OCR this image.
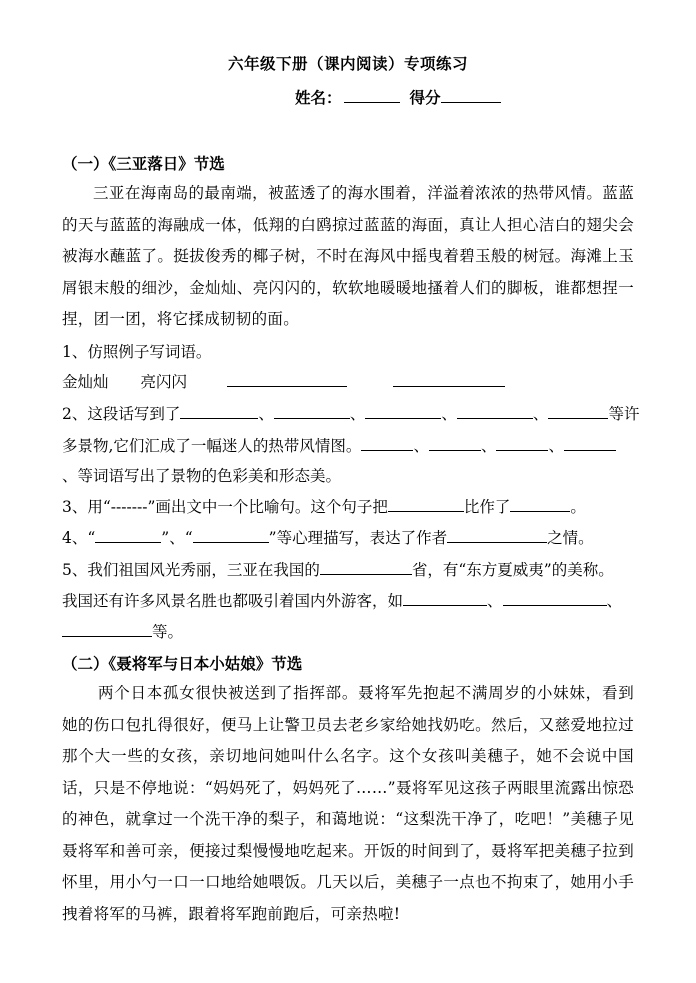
六年级下册（课内阅读）专项练习
姓名：	得分
（一）《三亚落日》节选
三亚在海南岛的最南端，被蓝透了的海水围着，洋溢着浓浓的热带风情。蓝蓝的天与蓝蓝的海融成一体，低翔的白鸥掠过蓝蓝的海面，真让人担心洁白的翅尖会被海水蘸蓝了。挺拔俊秀的椰子树，不时在海风中摇曳着碧玉般的树冠。海滩上玉屑银末般的细沙，金灿灿、亮闪闪的，软软地暖暖地搔着人们的脚板，谁都想捏一捏，团一团，将它揉成韧韧的面。
1、仿照例子写词语。
金灿灿 亮闪闪
2、这段话写到了	、	、	、	、	等许
多景物,它们汇成了一幅迷人的热带风情图。	、	、	、
、等词语写出了景物的色彩美和形态美。
3、用“-------”画出文中一个比喻句。这个句子把	比作了	。
4、“	”、“	”等心理描写，表达了作者	之情。
5、我们祖国风光秀丽，三亚在我国的	省，有“东方夏威夷”的美称。
我国还有许多风景名胜也都吸引着国内外游客，如	、	、
等。
（二）《聂将军与日本小姑娘》节选
两个日本孤女很快被送到了指挥部。聂将军先抱起不满周岁的小妹妹，看到她的伤口包扎得很好，便马上让警卫员去老乡家给她找奶吃。然后，又慈爱地拉过那个大一些的女孩，亲切地问她叫什么名字。这个女孩叫美穗子，她不会说中国话，只是不停地说：“妈妈死了，妈妈死了……”聂将军见这孩子两眼里流露出惊恐的神色，就拿过一个洗干净的梨子，和蔼地说：“这梨洗干净了，吃吧！”美穗子见聂将军和善可亲，便接过梨慢慢地吃起来。开饭的时间到了，聂将军把美穗子拉到怀里，用小勺一口一口地给她喂饭。几天以后，美穗子一点也不拘束了，她用小手拽着将军的马裤，跟着将军跑前跑后，可亲热啦!
